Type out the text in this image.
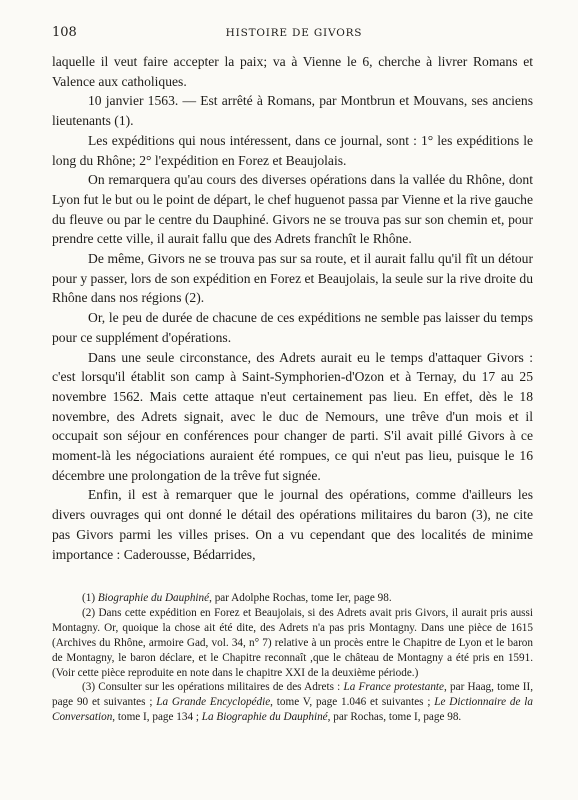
108	HISTOIRE DE GIVORS

laquelle il veut faire accepter la paix; va à Vienne le 6, cherche à livrer Romans et Valence aux catholiques.

10 janvier 1563. — Est arrêté à Romans, par Montbrun et Mouvans, ses anciens lieutenants (1).

Les expéditions qui nous intéressent, dans ce journal, sont : 1° les expéditions le long du Rhône; 2° l'expédition en Forez et Beaujolais.

On remarquera qu'au cours des diverses opérations dans la vallée du Rhône, dont Lyon fut le but ou le point de départ, le chef huguenot passa par Vienne et la rive gauche du fleuve ou par le centre du Dauphiné. Givors ne se trouva pas sur son chemin et, pour prendre cette ville, il aurait fallu que des Adrets franchît le Rhône.

De même, Givors ne se trouva pas sur sa route, et il aurait fallu qu'il fît un détour pour y passer, lors de son expédition en Forez et Beaujolais, la seule sur la rive droite du Rhône dans nos régions (2).

Or, le peu de durée de chacune de ces expéditions ne semble pas laisser du temps pour ce supplément d'opérations.

Dans une seule circonstance, des Adrets aurait eu le temps d'attaquer Givors : c'est lorsqu'il établit son camp à Saint-Symphorien-d'Ozon et à Ternay, du 17 au 25 novembre 1562. Mais cette attaque n'eut certainement pas lieu. En effet, dès le 18 novembre, des Adrets signait, avec le duc de Nemours, une trêve d'un mois et il occupait son séjour en conférences pour changer de parti. S'il avait pillé Givors à ce moment-là les négociations auraient été rompues, ce qui n'eut pas lieu, puisque le 16 décembre une prolongation de la trêve fut signée.

Enfin, il est à remarquer que le journal des opérations, comme d'ailleurs les divers ouvrages qui ont donné le détail des opérations militaires du baron (3), ne cite pas Givors parmi les villes prises. On a vu cependant que des localités de minime importance : Caderousse, Bédarrides,

(1) Biographie du Dauphiné, par Adolphe Rochas, tome Ier, page 98.

(2) Dans cette expédition en Forez et Beaujolais, si des Adrets avait pris Givors, il aurait pris aussi Montagny. Or, quoique la chose ait été dite, des Adrets n'a pas pris Montagny. Dans une pièce de 1615 (Archives du Rhône, armoire Gad, vol. 34, n° 7) relative à un procès entre le Chapitre de Lyon et le baron de Montagny, le baron déclare, et le Chapitre reconnaît ,que le château de Montagny a été pris en 1591. (Voir cette pièce reproduite en note dans le chapitre XXI de la deuxième période.)

(3) Consulter sur les opérations militaires de des Adrets : La France protestante, par Haag, tome II, page 90 et suivantes ; La Grande Encyclopédie, tome V, page 1.046 et suivantes ; Le Dictionnaire de la Conversation, tome I, page 134 ; La Biographie du Dauphiné, par Rochas, tome I, page 98.
